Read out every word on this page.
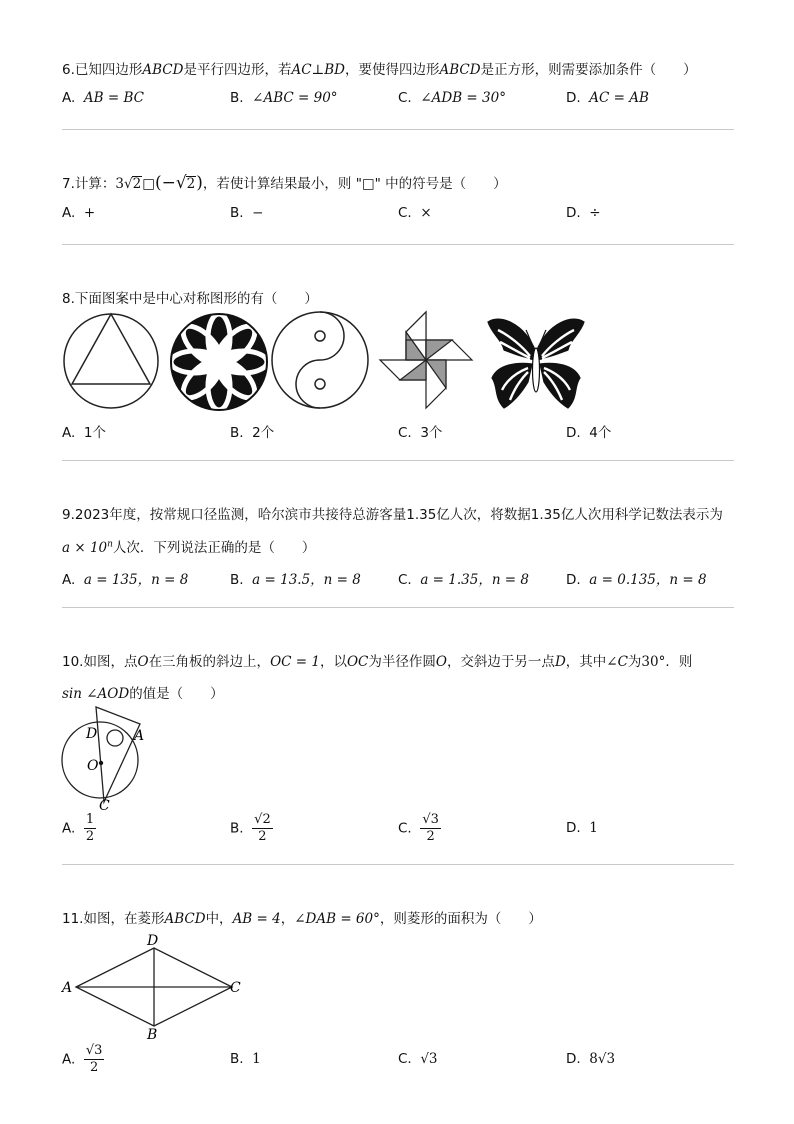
6.已知四边形ABCD是平行四边形，若AC⊥BD，要使得四边形ABCD是正方形，则需要添加条件（　　）
A. AB = BC	B. ∠ABC = 90°	C. ∠ADB = 30°	D. AC = AB
7.计算：3√2□(−√2)，若使计算结果最小，则 "□" 中的符号是（　　）
A. +	B. −	C. ×	D. ÷
8.下面图案中是中心对称图形的有（　　）
A. 1个	B. 2个	C. 3个	D. 4个
9.2023年度，按常规口径监测，哈尔滨市共接待总游客量1.35亿人次，将数据1.35亿人次用科学记数法表示为
$a \times 10^n$人次．下列说法正确的是（　　）
A. a = 135，n = 8	B. a = 13.5，n = 8	C. a = 1.35，n = 8	D. a = 0.135，n = 8
10.如图，点O在三角板的斜边上，OC = 1，以OC为半径作圆O，交斜边于另一点D，其中∠C为30°．则
sin ∠AOD的值是（　　）
D	A
O
C
A. $\frac{1}{2}$	B. $\frac{√2}{2}$	C. $\frac{√3}{2}$	D. 1
11.如图，在菱形ABCD中，AB = 4，∠DAB = 60°，则菱形的面积为（　　）
D
A	C
B
A. $\frac{√3}{2}$	B. 1	C. √3	D. 8√3
